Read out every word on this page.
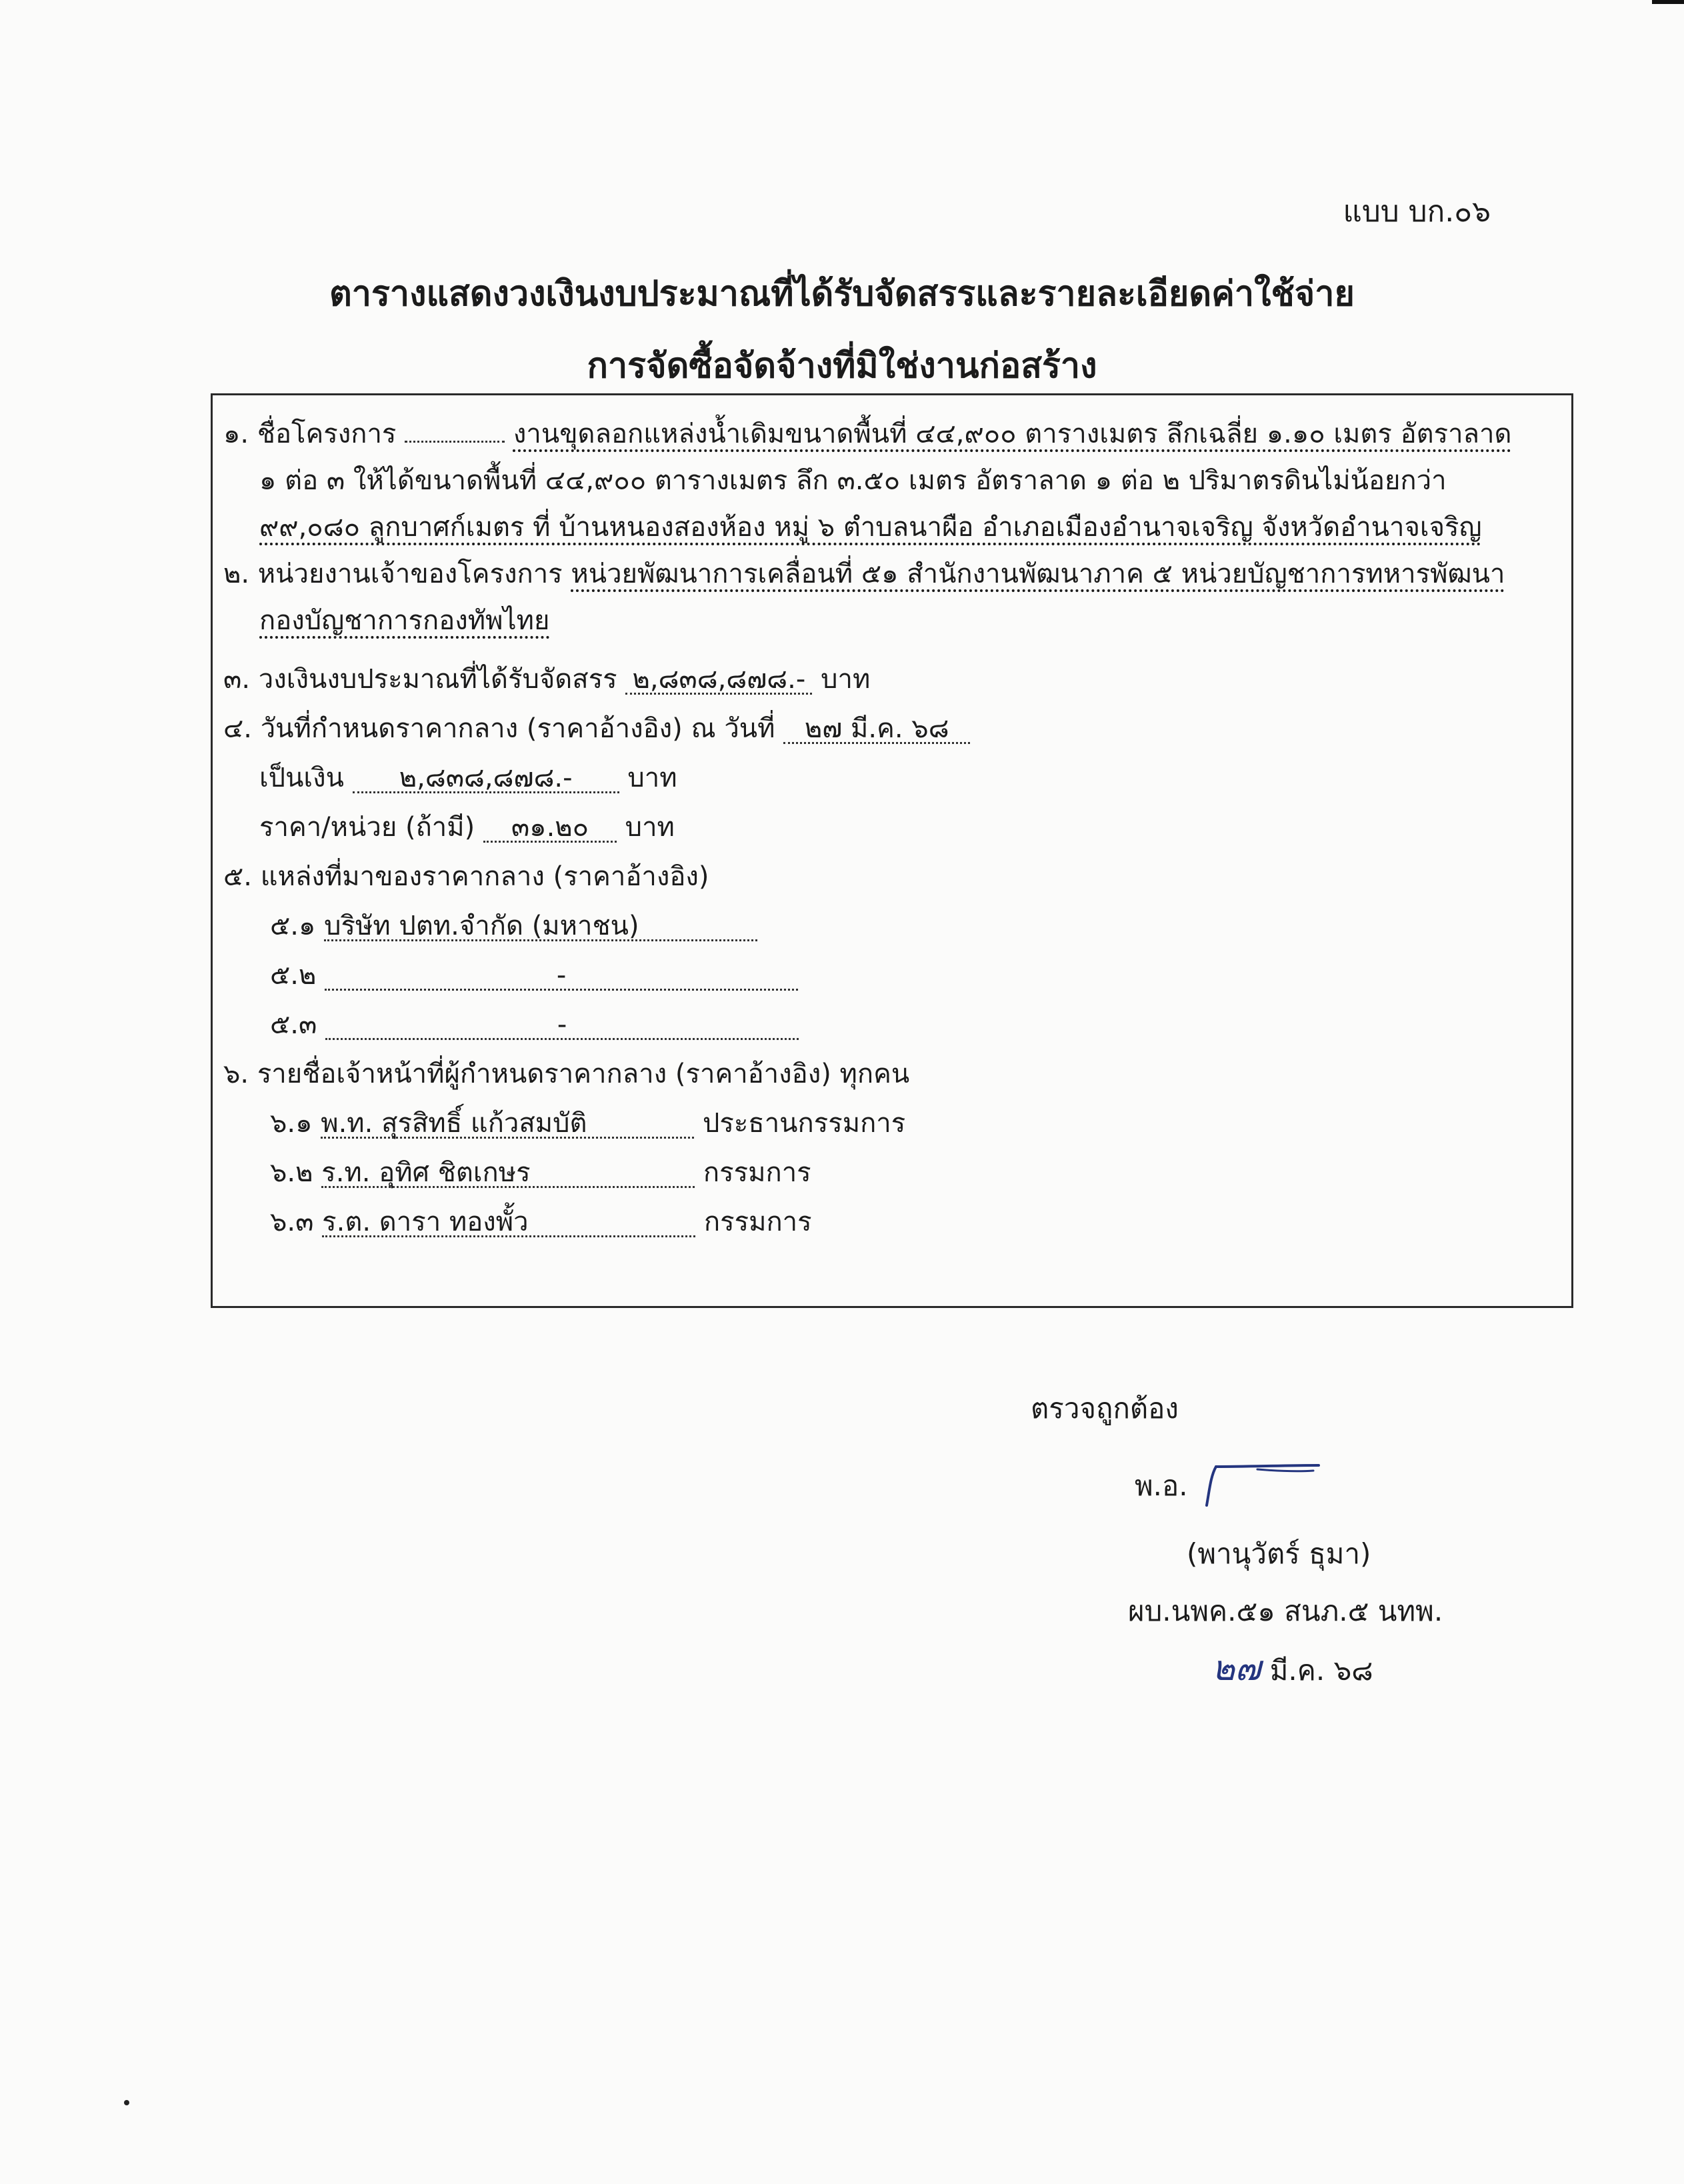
แบบ บก.๐๖
ตารางแสดงวงเงินงบประมาณที่ได้รับจัดสรรและรายละเอียดค่าใช้จ่าย
การจัดซื้อจัดจ้างที่มิใช่งานก่อสร้าง
๑. ชื่อโครงการ	งานขุดลอกแหล่งน้ำเดิมขนาดพื้นที่ ๔๔,๙๐๐ ตารางเมตร ลึกเฉลี่ย ๑.๑๐ เมตร อัตราลาด
๑ ต่อ ๓ ให้ได้ขนาดพื้นที่ ๔๔,๙๐๐ ตารางเมตร ลึก ๓.๕๐ เมตร อัตราลาด ๑ ต่อ ๒ ปริมาตรดินไม่น้อยกว่า
๙๙,๐๘๐ ลูกบาศก์เมตร ที่ บ้านหนองสองห้อง หมู่ ๖ ตำบลนาผือ อำเภอเมืองอำนาจเจริญ จังหวัดอำนาจเจริญ
๒. หน่วยงานเจ้าของโครงการ หน่วยพัฒนาการเคลื่อนที่ ๕๑ สำนักงานพัฒนาภาค ๕ หน่วยบัญชาการทหารพัฒนา
กองบัญชาการกองทัพไทย
๓. วงเงินงบประมาณที่ได้รับจัดสรร ๒,๘๓๘,๘๗๘.- บาท
๔. วันที่กำหนดราคากลาง (ราคาอ้างอิง) ณ วันที่ ๒๗ มี.ค. ๖๘
เป็นเงิน ๒,๘๓๘,๘๗๘.- บาท
ราคา/หน่วย (ถ้ามี) ๓๑.๒๐ บาท
๕. แหล่งที่มาของราคากลาง (ราคาอ้างอิง)
๕.๑ บริษัท ปตท.จำกัด (มหาชน)
๕.๒	-
๕.๓	-
๖. รายชื่อเจ้าหน้าที่ผู้กำหนดราคากลาง (ราคาอ้างอิง) ทุกคน
๖.๑ พ.ท. สุรสิทธิ์ แก้วสมบัติ	ประธานกรรมการ
๖.๒ ร.ท. อุทิศ ชิตเกษร	กรรมการ
๖.๓ ร.ต. ดารา ทองพั้ว	กรรมการ
ตรวจถูกต้อง
พ.อ.
(พานุวัตร์ ธุมา)
ผบ.นพค.๕๑ สนภ.๕ นทพ.
๒๗ มี.ค. ๖๘
